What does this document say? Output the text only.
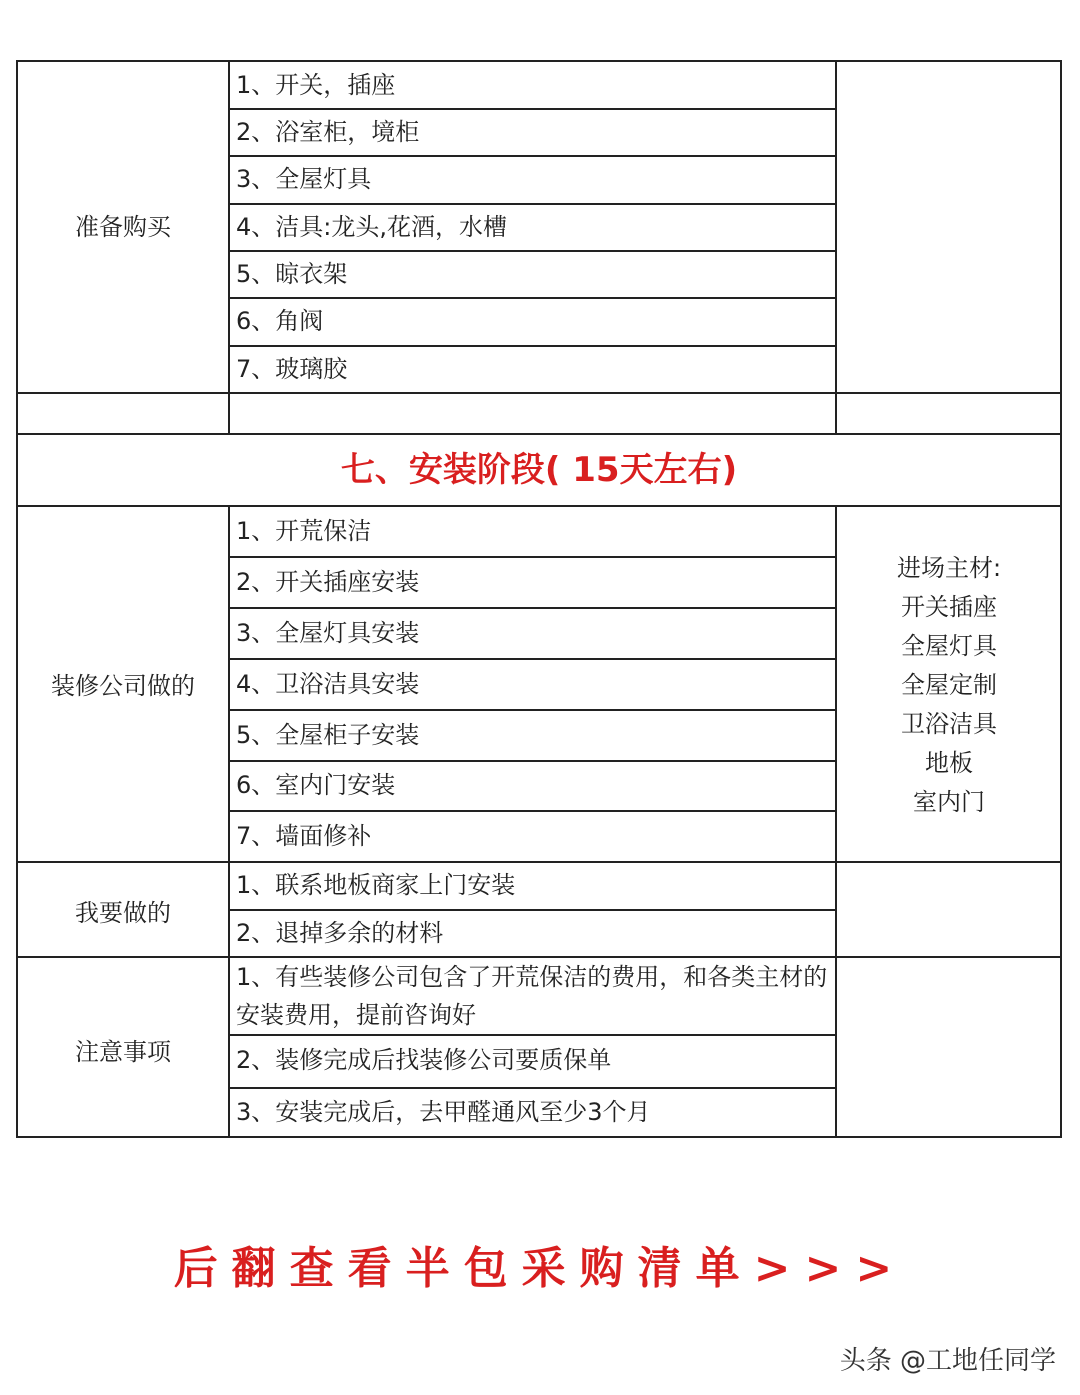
准备购买
1、开关，插座
2、浴室柜，境柜
3、全屋灯具
4、洁具:龙头,花酒，水槽
5、晾衣架
6、角阀
7、玻璃胶
七、安装阶段( 15天左右)
装修公司做的
1、开荒保洁
2、开关插座安装
3、全屋灯具安装
4、卫浴洁具安装
5、全屋柜子安装
6、室内门安装
7、墙面修补
进场主材:
开关插座
全屋灯具
全屋定制
卫浴洁具
地板
室内门
我要做的
1、联系地板商家上门安装
2、退掉多余的材料
注意事项
1、有些装修公司包含了开荒保洁的费用，和各类主材的安装费用，提前咨询好
2、装修完成后找装修公司要质保单
3、安装完成后，去甲醛通风至少3个月
后翻查看半包采购清单>>>
头条 @工地任同学
